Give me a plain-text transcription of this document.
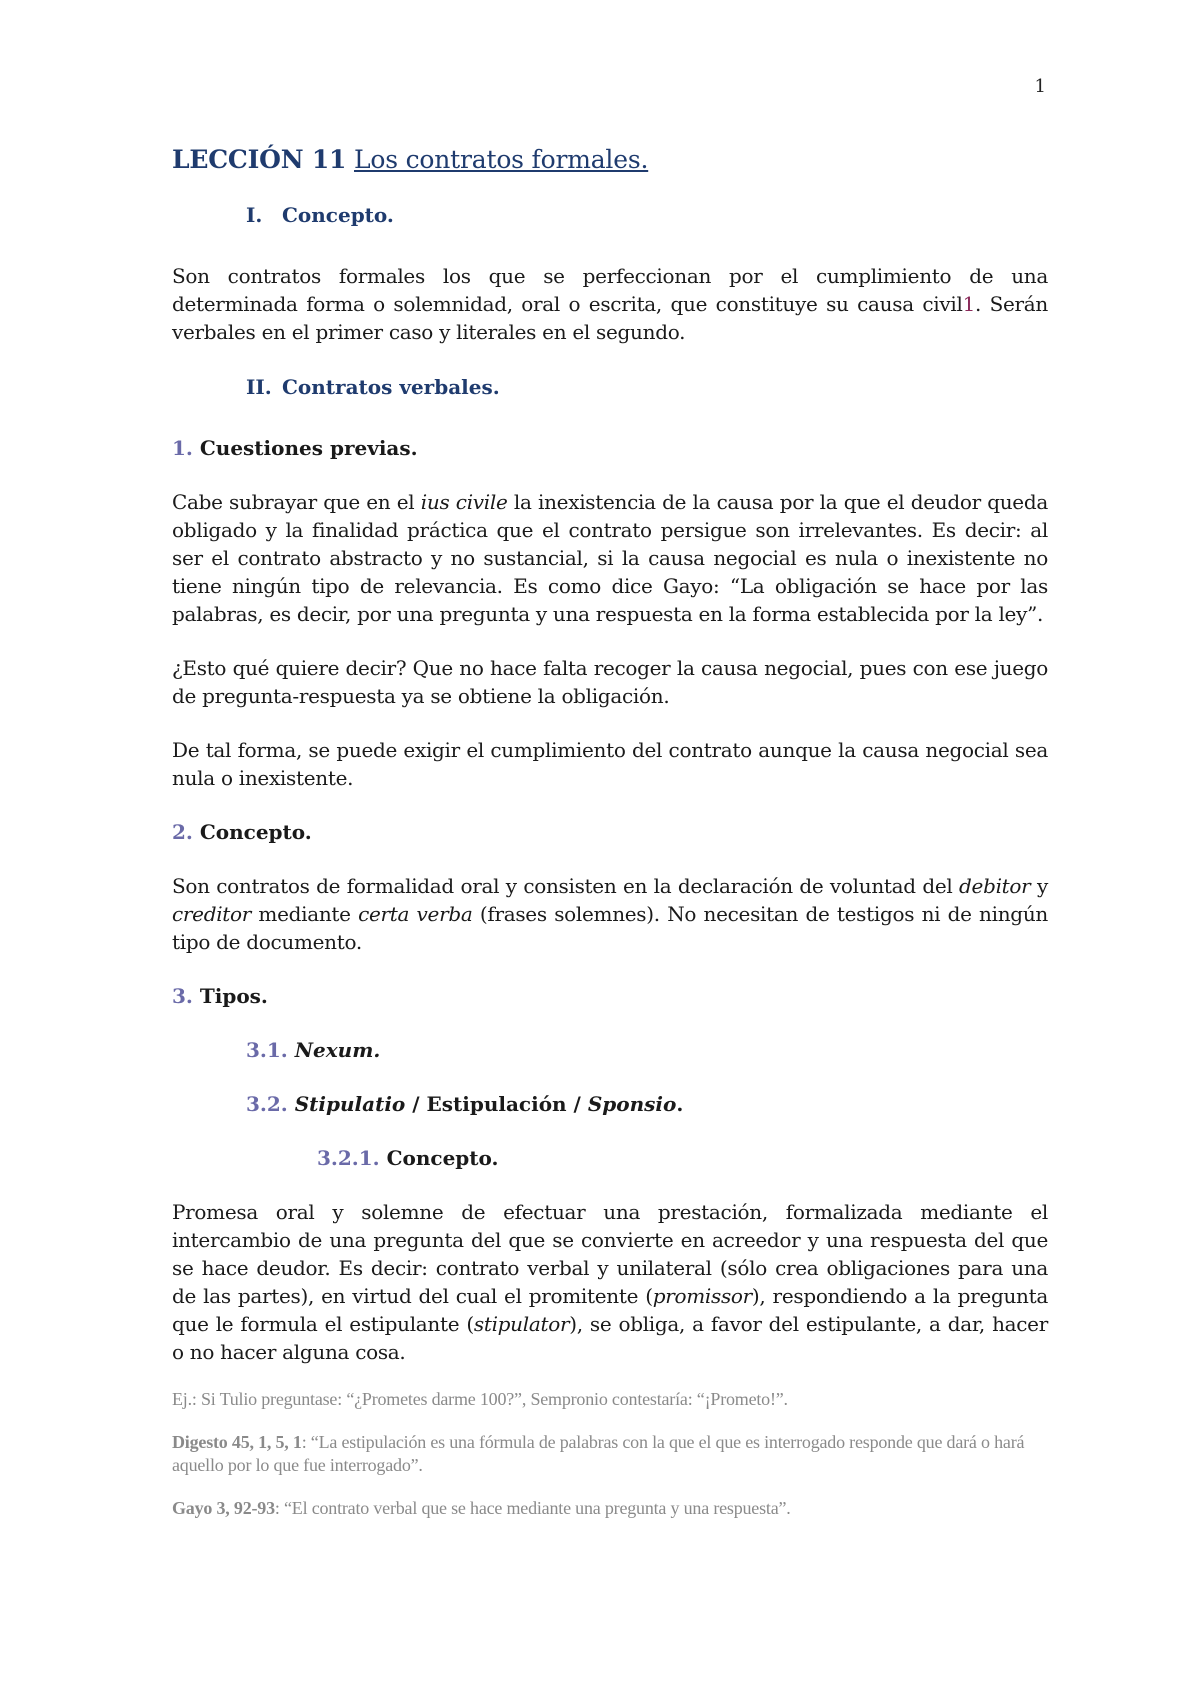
1
LECCIÓN 11 Los contratos formales.
I. Concepto.

Son contratos formales los que se perfeccionan por el cumplimiento de una determinada forma o solemnidad, oral o escrita, que constituye su causa civil1. Serán verbales en el primer caso y literales en el segundo.

II. Contratos verbales.
1. Cuestiones previas.

Cabe subrayar que en el ius civile la inexistencia de la causa por la que el deudor queda obligado y la finalidad práctica que el contrato persigue son irrelevantes. Es decir: al ser el contrato abstracto y no sustancial, si la causa negocial es nula o inexistente no tiene ningún tipo de relevancia. Es como dice Gayo: “La obligación se hace por las palabras, es decir, por una pregunta y una respuesta en la forma establecida por la ley”.

¿Esto qué quiere decir? Que no hace falta recoger la causa negocial, pues con ese juego de pregunta-respuesta ya se obtiene la obligación.

De tal forma, se puede exigir el cumplimiento del contrato aunque la causa negocial sea nula o inexistente.

2. Concepto.

Son contratos de formalidad oral y consisten en la declaración de voluntad del debitor y creditor mediante certa verba (frases solemnes). No necesitan de testigos ni de ningún tipo de documento.

3. Tipos.
3.1. Nexum.
3.2. Stipulatio / Estipulación / Sponsio.
3.2.1. Concepto.

Promesa oral y solemne de efectuar una prestación, formalizada mediante el intercambio de una pregunta del que se convierte en acreedor y una respuesta del que se hace deudor. Es decir: contrato verbal y unilateral (sólo crea obligaciones para una de las partes), en virtud del cual el promitente (promissor), respondiendo a la pregunta que le formula el estipulante (stipulator), se obliga, a favor del estipulante, a dar, hacer o no hacer alguna cosa.

Ej.: Si Tulio preguntase: “¿Prometes darme 100?”, Sempronio contestaría: “¡Prometo!”.
Digesto 45, 1, 5, 1: “La estipulación es una fórmula de palabras con la que el que es interrogado responde que dará o hará aquello por lo que fue interrogado”.
Gayo 3, 92-93: “El contrato verbal que se hace mediante una pregunta y una respuesta”.
